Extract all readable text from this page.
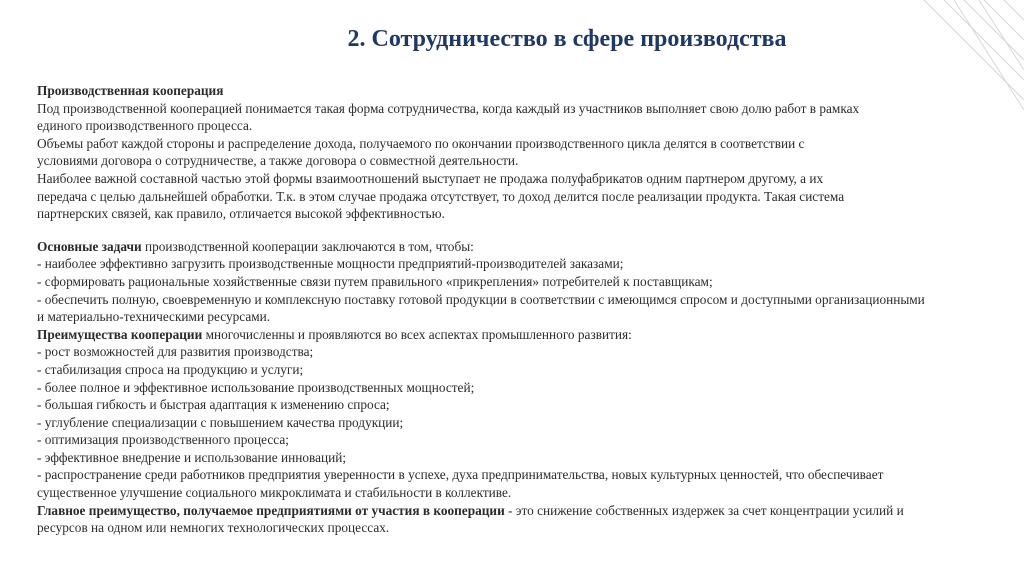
2. Сотрудничество в сфере производства
Производственная кооперация
Под производственной кооперацией понимается такая форма сотрудничества, когда каждый из участников выполняет свою долю работ в рамках
единого производственного процесса.
Объемы работ каждой стороны и распределение дохода, получаемого по окончании производственного цикла делятся в соответствии с
условиями договора о сотрудничестве, а также договора о совместной деятельности.
Наиболее важной составной частью этой формы взаимоотношений выступает не продажа полуфабрикатов одним партнером другому, а их
передача с целью дальнейшей обработки. Т.к. в этом случае продажа отсутствует, то доход делится после реализации продукта. Такая система
партнерских связей, как правило, отличается высокой эффективностью.
Основные задачи производственной кооперации заключаются в том, чтобы:
- наиболее эффективно загрузить производственные мощности предприятий-производителей заказами;
- сформировать рациональные хозяйственные связи путем правильного «прикрепления» потребителей к поставщикам;
- обеспечить полную, своевременную и комплексную поставку готовой продукции в соответствии с имеющимся спросом и доступными организационными
и материально-техническими ресурсами.
Преимущества кооперации многочисленны и проявляются во всех аспектах промышленного развития:
- рост возможностей для развития производства;
- стабилизация спроса на продукцию и услуги;
- более полное и эффективное использование производственных мощностей;
- большая гибкость и быстрая адаптация к изменению спроса;
- углубление специализации с повышением качества продукции;
- оптимизация производственного процесса;
- эффективное внедрение и использование инноваций;
- распространение среди работников предприятия уверенности в успехе, духа предпринимательства, новых культурных ценностей, что обеспечивает
существенное улучшение социального микроклимата и стабильности в коллективе.
Главное преимущество, получаемое предприятиями от участия в кооперации - это снижение собственных издержек за счет концентрации усилий и
ресурсов на одном или немногих технологических процессах.
